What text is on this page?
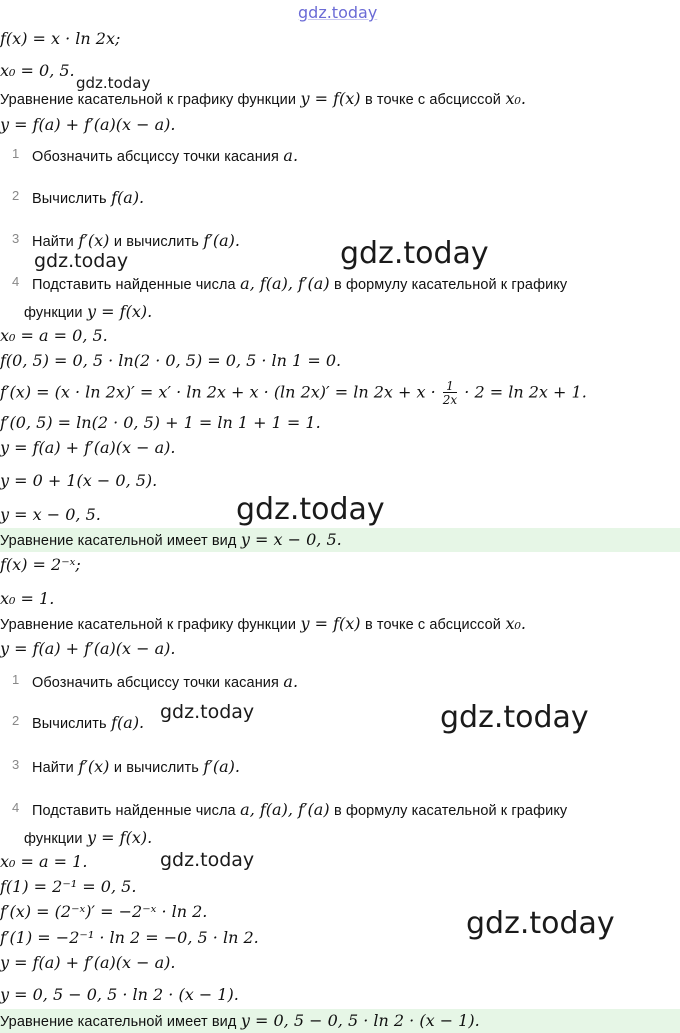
gdz.today
f(x) = x · ln 2x;
x₀ = 0, 5.
gdz.today
Уравнение касательной к графику функции y = f(x) в точке с абсциссой x₀.
y = f(a) + f′(a)(x − a).
1 Обозначить абсциссу точки касания a.
2 Вычислить f(a).
3 Найти f′(x) и вычислить f′(a).	gdz.today
gdz.today
4 Подставить найденные числа a, f(a), f′(a) в формулу касательной к графику
функции y = f(x).
x₀ = a = 0, 5.
f(0, 5) = 0, 5 · ln(2 · 0, 5) = 0, 5 · ln 1 = 0.
f′(x) = (x · ln 2x)′ = x′ · ln 2x + x · (ln $2x)' = \ln 2x + x \cdot \frac{1}{2x} \cdot 2 = \ln 2x + 1$.
f′(0, 5) = ln(2 · 0, 5) + 1 = ln 1 + 1 = 1.
y = f(a) + f′(a)(x − a).
y = 0 + 1(x − 0, 5).
y = x − 0, 5.	gdz.today
Уравнение касательной имеет вид y = x − 0, 5.
f(x) = 2⁻ˣ;
x₀ = 1.
Уравнение касательной к графику функции y = f(x) в точке с абсциссой x₀.
y = f(a) + f′(a)(x − a).
1 Обозначить абсциссу точки касания a.
2 Вычислить f(a). gdz.today	gdz.today
3 Найти f′(x) и вычислить f′(a).
4 Подставить найденные числа a, f(a), f′(a) в формулу касательной к графику
функции y = f(x).
x₀ = a = 1.	gdz.today
f(1) = 2⁻¹ = 0, 5.
f′(x) = (2⁻ˣ)′ = −2⁻ˣ · ln 2.	gdz.today
f′(1) = −2⁻¹ · ln 2 = −0, 5 · ln 2.
y = f(a) + f′(a)(x − a).
y = 0, 5 − 0, 5 · ln 2 · (x − 1).
Уравнение касательной имеет вид y = 0, 5 − 0, 5 · ln 2 · (x − 1).
